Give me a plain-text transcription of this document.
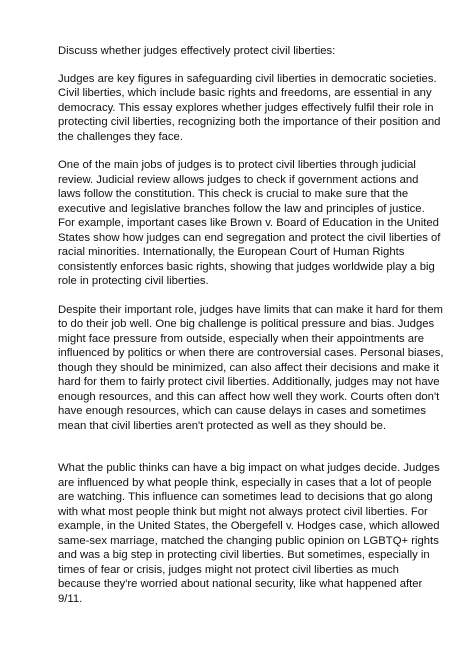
Discuss whether judges effectively protect civil liberties:

Judges are key figures in safeguarding civil liberties in democratic societies. Civil liberties, which include basic rights and freedoms, are essential in any democracy. This essay explores whether judges effectively fulfil their role in protecting civil liberties, recognizing both the importance of their position and the challenges they face.

One of the main jobs of judges is to protect civil liberties through judicial review. Judicial review allows judges to check if government actions and laws follow the constitution. This check is crucial to make sure that the executive and legislative branches follow the law and principles of justice. For example, important cases like Brown v. Board of Education in the United States show how judges can end segregation and protect the civil liberties of racial minorities. Internationally, the European Court of Human Rights consistently enforces basic rights, showing that judges worldwide play a big role in protecting civil liberties.

Despite their important role, judges have limits that can make it hard for them to do their job well. One big challenge is political pressure and bias. Judges might face pressure from outside, especially when their appointments are influenced by politics or when there are controversial cases. Personal biases, though they should be minimized, can also affect their decisions and make it hard for them to fairly protect civil liberties. Additionally, judges may not have enough resources, and this can affect how well they work. Courts often don't have enough resources, which can cause delays in cases and sometimes mean that civil liberties aren't protected as well as they should be.

What the public thinks can have a big impact on what judges decide. Judges are influenced by what people think, especially in cases that a lot of people are watching. This influence can sometimes lead to decisions that go along with what most people think but might not always protect civil liberties. For example, in the United States, the Obergefell v. Hodges case, which allowed same-sex marriage, matched the changing public opinion on LGBTQ+ rights and was a big step in protecting civil liberties. But sometimes, especially in times of fear or crisis, judges might not protect civil liberties as much because they're worried about national security, like what happened after 9/11.
